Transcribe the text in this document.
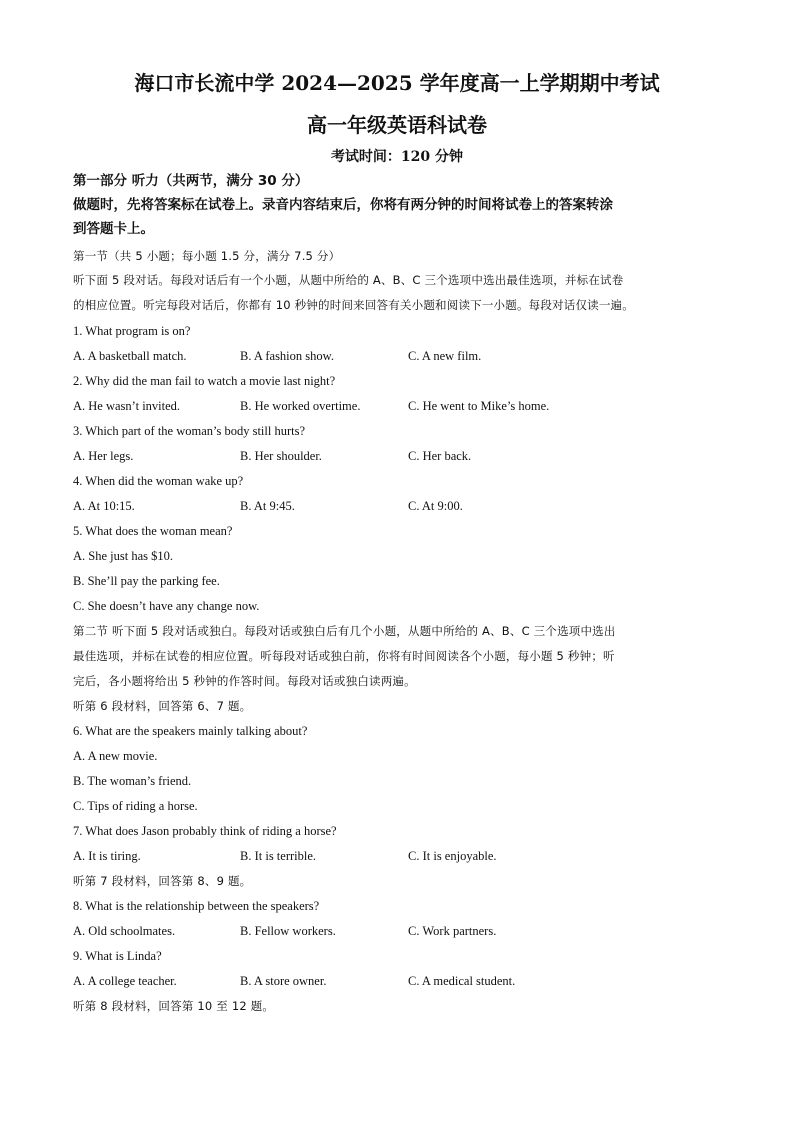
海口市长流中学 2024—2025 学年度高一上学期期中考试
高一年级英语科试卷
考试时间：120 分钟
第一部分 听力（共两节，满分 30 分）
做题时，先将答案标在试卷上。录音内容结束后，你将有两分钟的时间将试卷上的答案转涂
到答题卡上。
第一节（共 5 小题；每小题 1.5 分，满分 7.5 分）
听下面 5 段对话。每段对话后有一个小题，从题中所给的 A、B、C 三个选项中选出最佳选项，并标在试卷
的相应位置。听完每段对话后，你都有 10 秒钟的时间来回答有关小题和阅读下一小题。每段对话仅读一遍。
1. What program is on?
A. A basketball match.	B. A fashion show.	C. A new film.
2. Why did the man fail to watch a movie last night?
A. He wasn’t invited.	B. He worked overtime.	C. He went to Mike’s home.
3. Which part of the woman’s body still hurts?
A. Her legs.	B. Her shoulder.	C. Her back.
4. When did the woman wake up?
A. At 10:15.	B. At 9:45.	C. At 9:00.
5. What does the woman mean?
A. She just has $10.
B. She’ll pay the parking fee.
C. She doesn’t have any change now.
第二节 听下面 5 段对话或独白。每段对话或独白后有几个小题，从题中所给的 A、B、C 三个选项中选出
最佳选项，并标在试卷的相应位置。听每段对话或独白前，你将有时间阅读各个小题，每小题 5 秒钟；听
完后，各小题将给出 5 秒钟的作答时间。每段对话或独白读两遍。
听第 6 段材料，回答第 6、7 题。
6. What are the speakers mainly talking about?
A. A new movie.
B. The woman’s friend.
C. Tips of riding a horse.
7. What does Jason probably think of riding a horse?
A. It is tiring.	B. It is terrible.	C. It is enjoyable.
听第 7 段材料，回答第 8、9 题。
8. What is the relationship between the speakers?
A. Old schoolmates.	B. Fellow workers.	C. Work partners.
9. What is Linda?
A. A college teacher.	B. A store owner.	C. A medical student.
听第 8 段材料，回答第 10 至 12 题。
